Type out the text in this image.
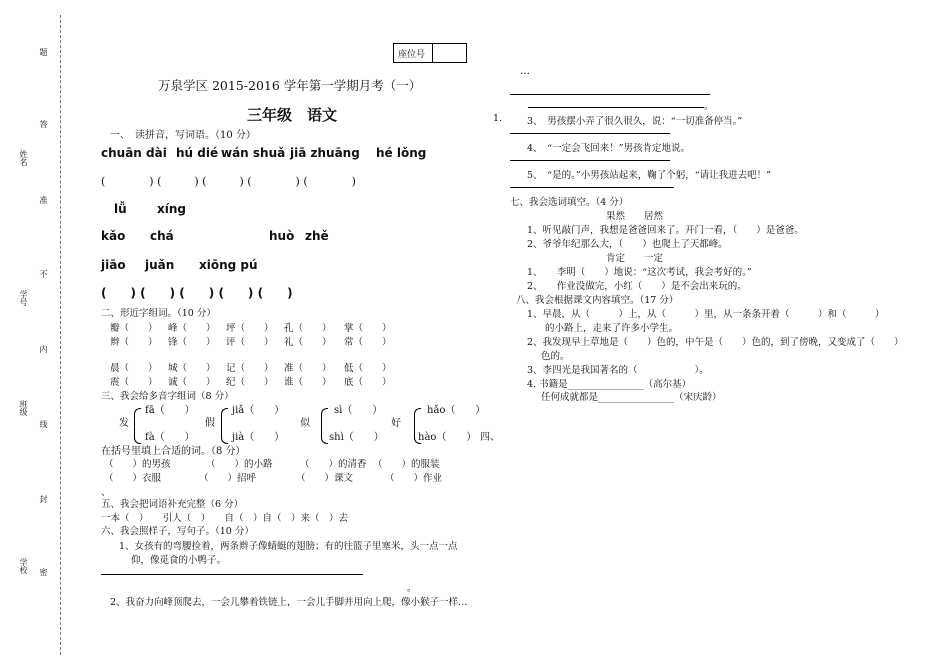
题
答
准
不
内
线
封
密
姓名
学号
班级
学校
座位号
万泉学区 2015-2016 学年第一学期月考（一）
三年级　语文
一、　读拼音，写词语。（10 分）
chuān dài hú dié wán shuǎ jiā zhuāng hé lǒng
(　　　　) (　　　) (　　　) (　　　　) (　　　　)
lǚ	xíng
kǎo chá	huò zhě
jiāo juǎn xiōng pú
(　　) (　　) (　　) (　　) (　　)
二、形近字组词。（10 分）
瓣（　　） 峰（　　） 坪（　　） 孔（　　） 掌（　　）
辫（　　） 锋（　　） 评（　　） 礼（　　） 常（　　）
晨（　　） 城（　　） 记（　　） 准（　　） 低（　　）
震（　　） 诚（　　） 纪（　　） 谁（　　） 底（　　）
三、我会给多音字组词（8 分）
fā（　　）	jiǎ（　　）	sì（　　）	hǎo（　　）
发	假	似	好
fà（　　）	jià（　　）	shì（　　）	hào（　　） 四、
在括号里填上合适的词。（8 分）
（　　）的男孩	（　　）的小路	（　　）的清香 （　　）的服装
（　　）衣服	（　　）招呼	（　　）课文	（　　）作业
、
五、我会把词语补充完整（6 分）
一本（　）　　引人（　）　　自（　）自（　）来（　）去
六、我会照样子，写句子。（10 分）
1、女孩有的弯腰捡着，两条辫子像蜻蜓的翅膀；有的往篮子里塞米，头一点一点
仰，像觅食的小鸭子。
。
2、我奋力向峰顶爬去，一会儿攀着铁链上，一会儿手脚并用向上爬，像小猴子一样…
…
。
1.	3、　男孩摆小弄了很久很久，说：“一切准备停当。”
4、　“一定会飞回来！”男孩肯定地说。
5、　“是的。”小男孩站起来，鞠了个躬，“请让我进去吧！”
七、我会选词填空。（4 分）
果然　　居然
1、听见敲门声，我想是爸爸回来了。开门一看，（　　）是爸爸。
2、爷爷年纪那么大，（　　）也爬上了天都峰。
肯定　　一定
1、　　李明（　　）地说：“这次考试，我会考好的。”
2、　　作业没做完，小红（　　）是不会出来玩的。
八、我会根据课文内容填空。（17 分）
1、早晨，从（　　　）上，从（　　　）里，从一条条开着（　　　）和（　　　）
的小路上，走来了许多小学生。
2、我发现早上草地是（　　）色的，中午是（　　）色的，到了傍晚，又变成了（　　）
色的。
3、李四光是我国著名的（　　　　　　）。
4. 书籍是________________（高尔基）
任何成就都是________________（宋庆龄）
